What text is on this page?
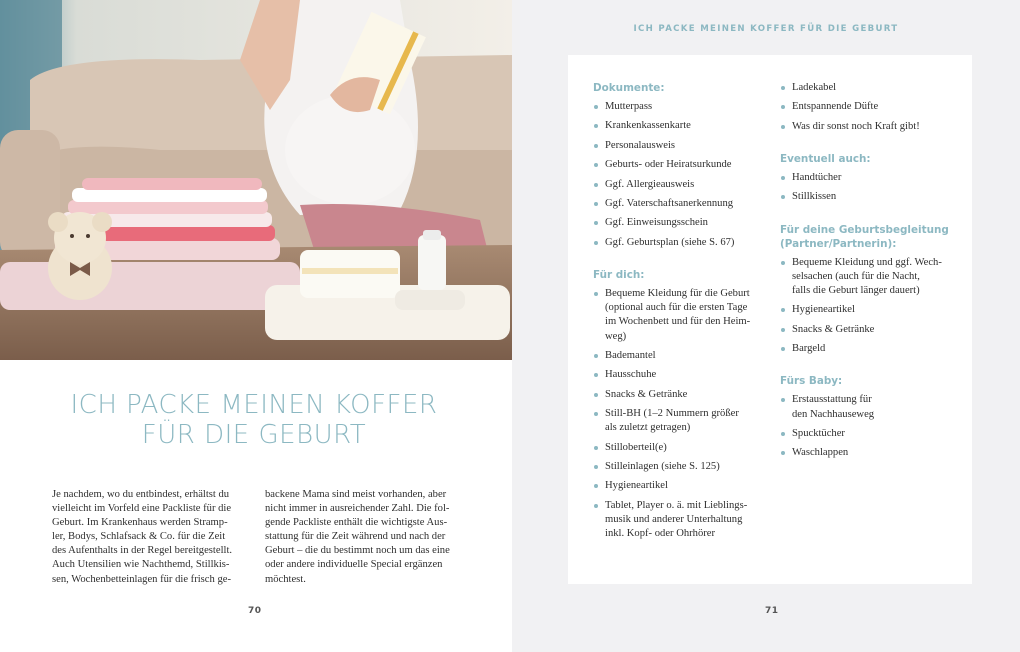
ICH PACKE MEINEN KOFFER
FÜR DIE GEBURT

Je nachdem, wo du entbindest, erhältst du
vielleicht im Vorfeld eine Packliste für die
Geburt. Im Krankenhaus werden Stramp-
ler, Bodys, Schlafsack & Co. für die Zeit
des Aufenthalts in der Regel bereitgestellt.
Auch Utensilien wie Nachthemd, Stillkis-
sen, Wochenbetteinlagen für die frisch ge-

backene Mama sind meist vorhanden, aber
nicht immer in ausreichender Zahl. Die fol-
gende Packliste enthält die wichtigste Aus-
stattung für die Zeit während und nach der
Geburt – die du bestimmt noch um das eine
oder andere individuelle Special ergänzen
möchtest.

70
ICH PACKE MEINEN KOFFER FÜR DIE GEBURT
Dokumente:
Mutterpass
Krankenkassenkarte
Personalausweis
Geburts- oder Heiratsurkunde
Ggf. Allergieausweis
Ggf. Vaterschaftsanerkennung
Ggf. Einweisungsschein
Ggf. Geburtsplan (siehe S. 67)
Für dich:
Bequeme Kleidung für die Geburt
(optional auch für die ersten Tage
im Wochenbett und für den Heim-
weg)
Bademantel
Hausschuhe
Snacks & Getränke
Still-BH (1–2 Nummern größer
als zuletzt getragen)
Stilloberteil(e)
Stilleinlagen (siehe S. 125)
Hygieneartikel
Tablet, Player o. ä. mit Lieblings-
musik und anderer Unterhaltung
inkl. Kopf- oder Ohrhörer
Ladekabel
Entspannende Düfte
Was dir sonst noch Kraft gibt!
Eventuell auch:
Handtücher
Stillkissen
Für deine Geburtsbegleitung
(Partner/Partnerin):
Bequeme Kleidung und ggf. Wech-
selsachen (auch für die Nacht,
falls die Geburt länger dauert)
Hygieneartikel
Snacks & Getränke
Bargeld
Fürs Baby:
Erstausstattung für
den Nachhauseweg
Spucktücher
Waschlappen
71
